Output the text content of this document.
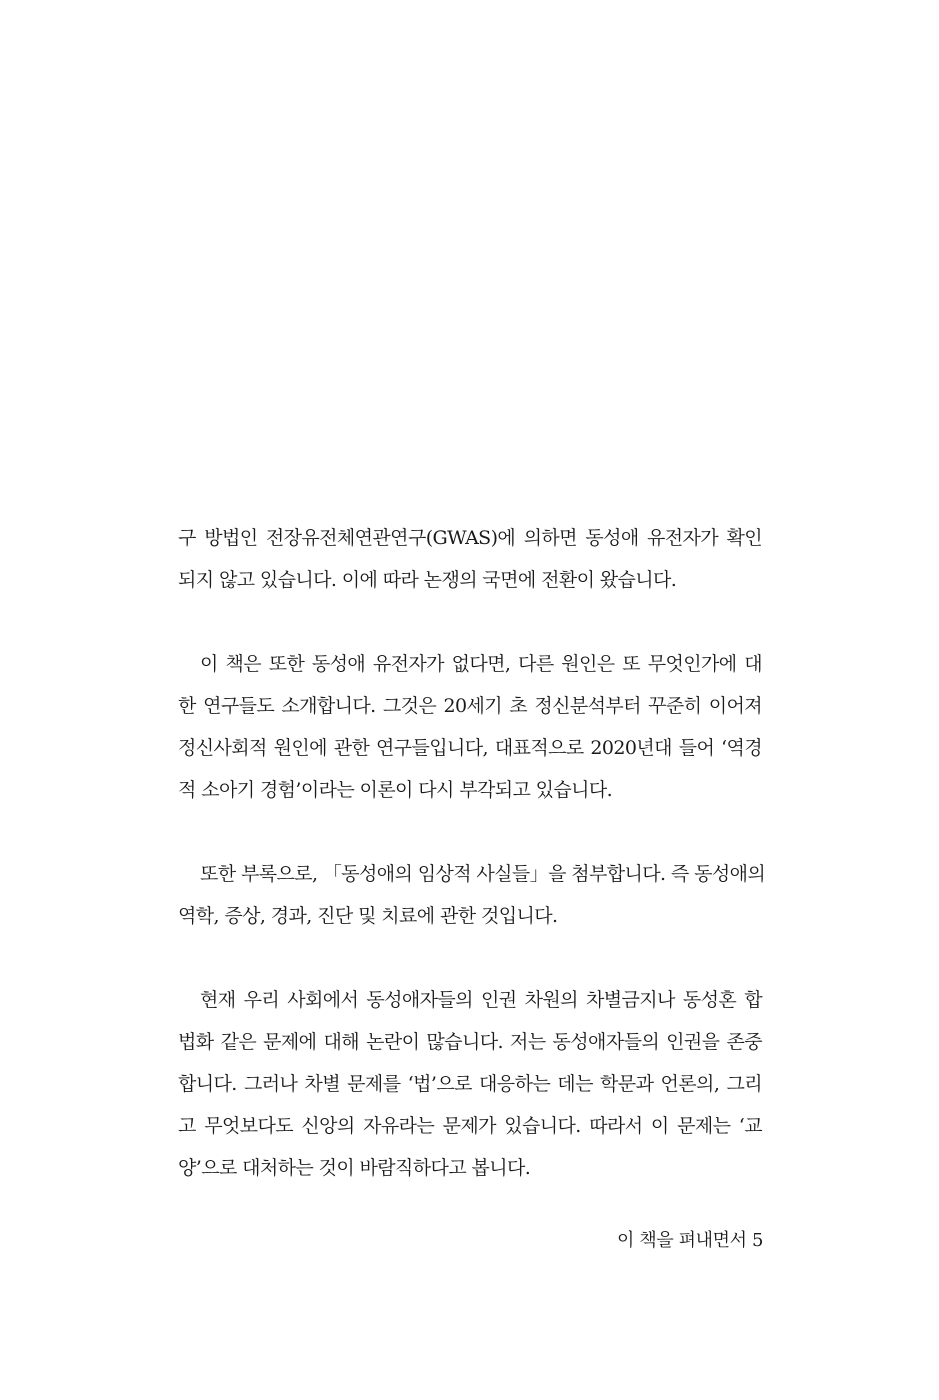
구 방법인 전장유전체연관연구(GWAS)에 의하면 동성애 유전자가 확인
되지 않고 있습니다. 이에 따라 논쟁의 국면에 전환이 왔습니다.

이 책은 또한 동성애 유전자가 없다면, 다른 원인은 또 무엇인가에 대
한 연구들도 소개합니다. 그것은 20세기 초 정신분석부터 꾸준히 이어져
정신사회적 원인에 관한 연구들입니다, 대표적으로 2020년대 들어 ‘역경
적 소아기 경험’이라는 이론이 다시 부각되고 있습니다.

또한 부록으로, 「동성애의 임상적 사실들」을 첨부합니다. 즉 동성애의
역학, 증상, 경과, 진단 및 치료에 관한 것입니다.

현재 우리 사회에서 동성애자들의 인권 차원의 차별금지나 동성혼 합
법화 같은 문제에 대해 논란이 많습니다. 저는 동성애자들의 인권을 존중
합니다. 그러나 차별 문제를 ‘법’으로 대응하는 데는 학문과 언론의, 그리
고 무엇보다도 신앙의 자유라는 문제가 있습니다. 따라서 이 문제는 ‘교
양’으로 대처하는 것이 바람직하다고 봅니다.

이 책을 펴내면서 5
